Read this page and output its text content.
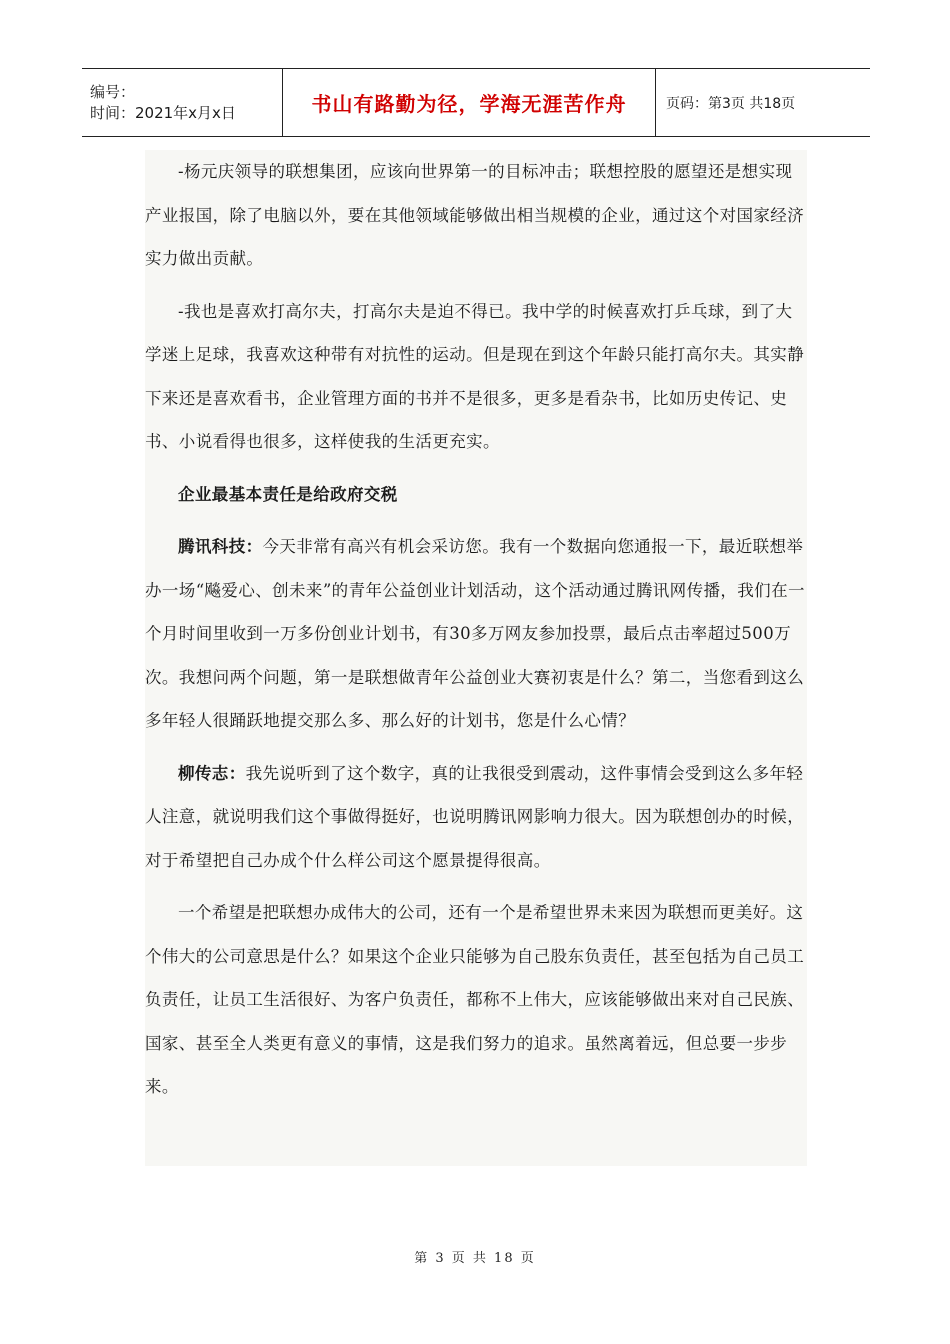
编号：
时间：2021年x月x日	书山有路勤为径，学海无涯苦作舟	页码：第3页 共18页

-杨元庆领导的联想集团，应该向世界第一的目标冲击；联想控股的愿望还是想实现产业报国，除了电脑以外，要在其他领域能够做出相当规模的企业，通过这个对国家经济实力做出贡献。

-我也是喜欢打高尔夫，打高尔夫是迫不得已。我中学的时候喜欢打乒乓球，到了大学迷上足球，我喜欢这种带有对抗性的运动。但是现在到这个年龄只能打高尔夫。其实静下来还是喜欢看书，企业管理方面的书并不是很多，更多是看杂书，比如历史传记、史书、小说看得也很多，这样使我的生活更充实。

企业最基本责任是给政府交税

腾讯科技：今天非常有高兴有机会采访您。我有一个数据向您通报一下，最近联想举办一场“飚爱心、创未来”的青年公益创业计划活动，这个活动通过腾讯网传播，我们在一个月时间里收到一万多份创业计划书，有30多万网友参加投票，最后点击率超过500万次。我想问两个问题，第一是联想做青年公益创业大赛初衷是什么？第二，当您看到这么多年轻人很踊跃地提交那么多、那么好的计划书，您是什么心情？

柳传志：我先说听到了这个数字，真的让我很受到震动，这件事情会受到这么多年轻人注意，就说明我们这个事做得挺好，也说明腾讯网影响力很大。因为联想创办的时候，对于希望把自己办成个什么样公司这个愿景提得很高。

一个希望是把联想办成伟大的公司，还有一个是希望世界未来因为联想而更美好。这个伟大的公司意思是什么？如果这个企业只能够为自己股东负责任，甚至包括为自己员工负责任，让员工生活很好、为客户负责任，都称不上伟大，应该能够做出来对自己民族、国家、甚至全人类更有意义的事情，这是我们努力的追求。虽然离着远，但总要一步步来。

第 3 页 共 18 页
